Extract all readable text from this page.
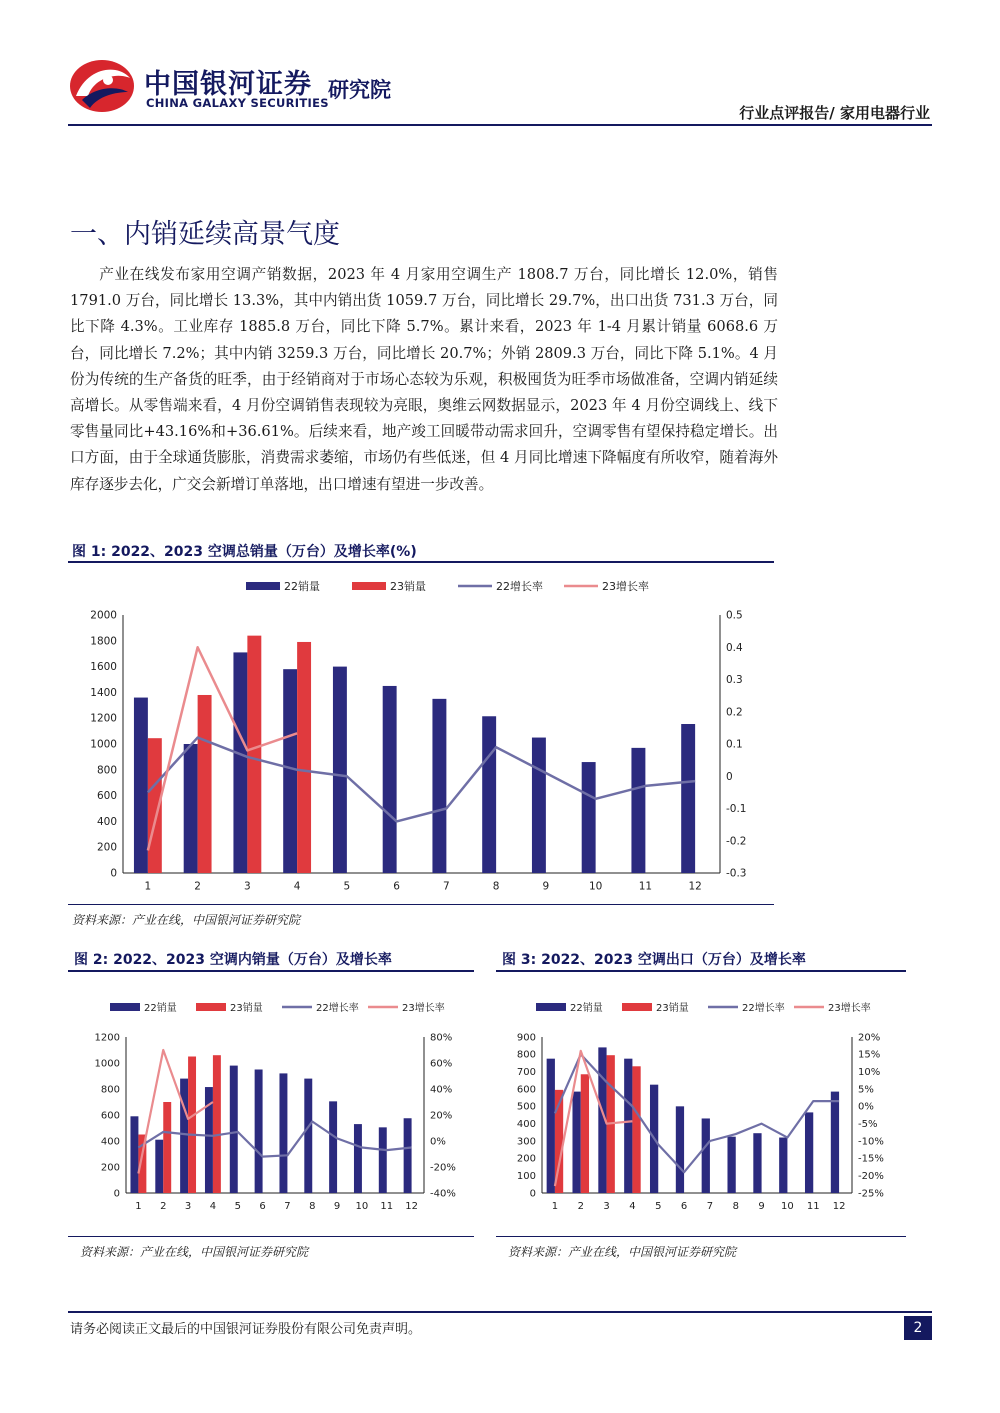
中国银河证券
CHINA GALAXY SECURITIES
研究院
行业点评报告/ 家用电器行业
一、内销延续高景气度
产业在线发布家用空调产销数据，2023 年 4 月家用空调生产 1808.7 万台，同比增长 12.0%，销售 1791.0 万台，同比增长 13.3%，其中内销出货 1059.7 万台，同比增长 29.7%，出口出货 731.3 万台，同比下降 4.3%。工业库存 1885.8 万台，同比下降 5.7%。累计来看，2023 年 1-4 月累计销量 6068.6 万台，同比增长 7.2%；其中内销 3259.3 万台，同比增长 20.7%；外销 2809.3 万台，同比下降 5.1%。4 月份为传统的生产备货的旺季，由于经销商对于市场心态较为乐观，积极囤货为旺季市场做准备，空调内销延续高增长。从零售端来看，4 月份空调销售表现较为亮眼，奥维云网数据显示，2023 年 4 月份空调线上、线下零售量同比+43.16%和+36.61%。后续来看，地产竣工回暖带动需求回升，空调零售有望保持稳定增长。出口方面，由于全球通货膨胀，消费需求萎缩，市场仍有些低迷，但 4 月同比增速下降幅度有所收窄，随着海外库存逐步去化，广交会新增订单落地，出口增速有望进一步改善。
图 1: 2022、2023 空调总销量（万台）及增长率(%)
0
200
400
600
800
1000
1200
1400
1600
1800
2000
-0.3
-0.2
-0.1
0
0.1
0.2
0.3
0.4
0.5
1	2	3	4	5	6	7	8	9	10	11	12
22销量	23销量	22增长率	23增长率
资料来源：产业在线，中国银河证券研究院
图 2: 2022、2023 空调内销量（万台）及增长率
0
200
400
600
800
1000
1200
-40%
-20%
0%
20%
40%
60%
80%
1 2 3 4 5 6 7 8 9 10 11 12
22销量	23销量	22增长率	23增长率
资料来源：产业在线，中国银河证券研究院
图 3: 2022、2023 空调出口（万台）及增长率
0
100
200
300
400
500
600
700
800
900
-25%
-20%
-15%
-10%
-5%
0%
5%
10%
15%
20%
1 2 3 4 5 6 7 8 9 10 11 12
22销量	23销量	22增长率	23增长率
资料来源：产业在线，中国银河证券研究院
请务必阅读正文最后的中国银河证券股份有限公司免责声明。	2
